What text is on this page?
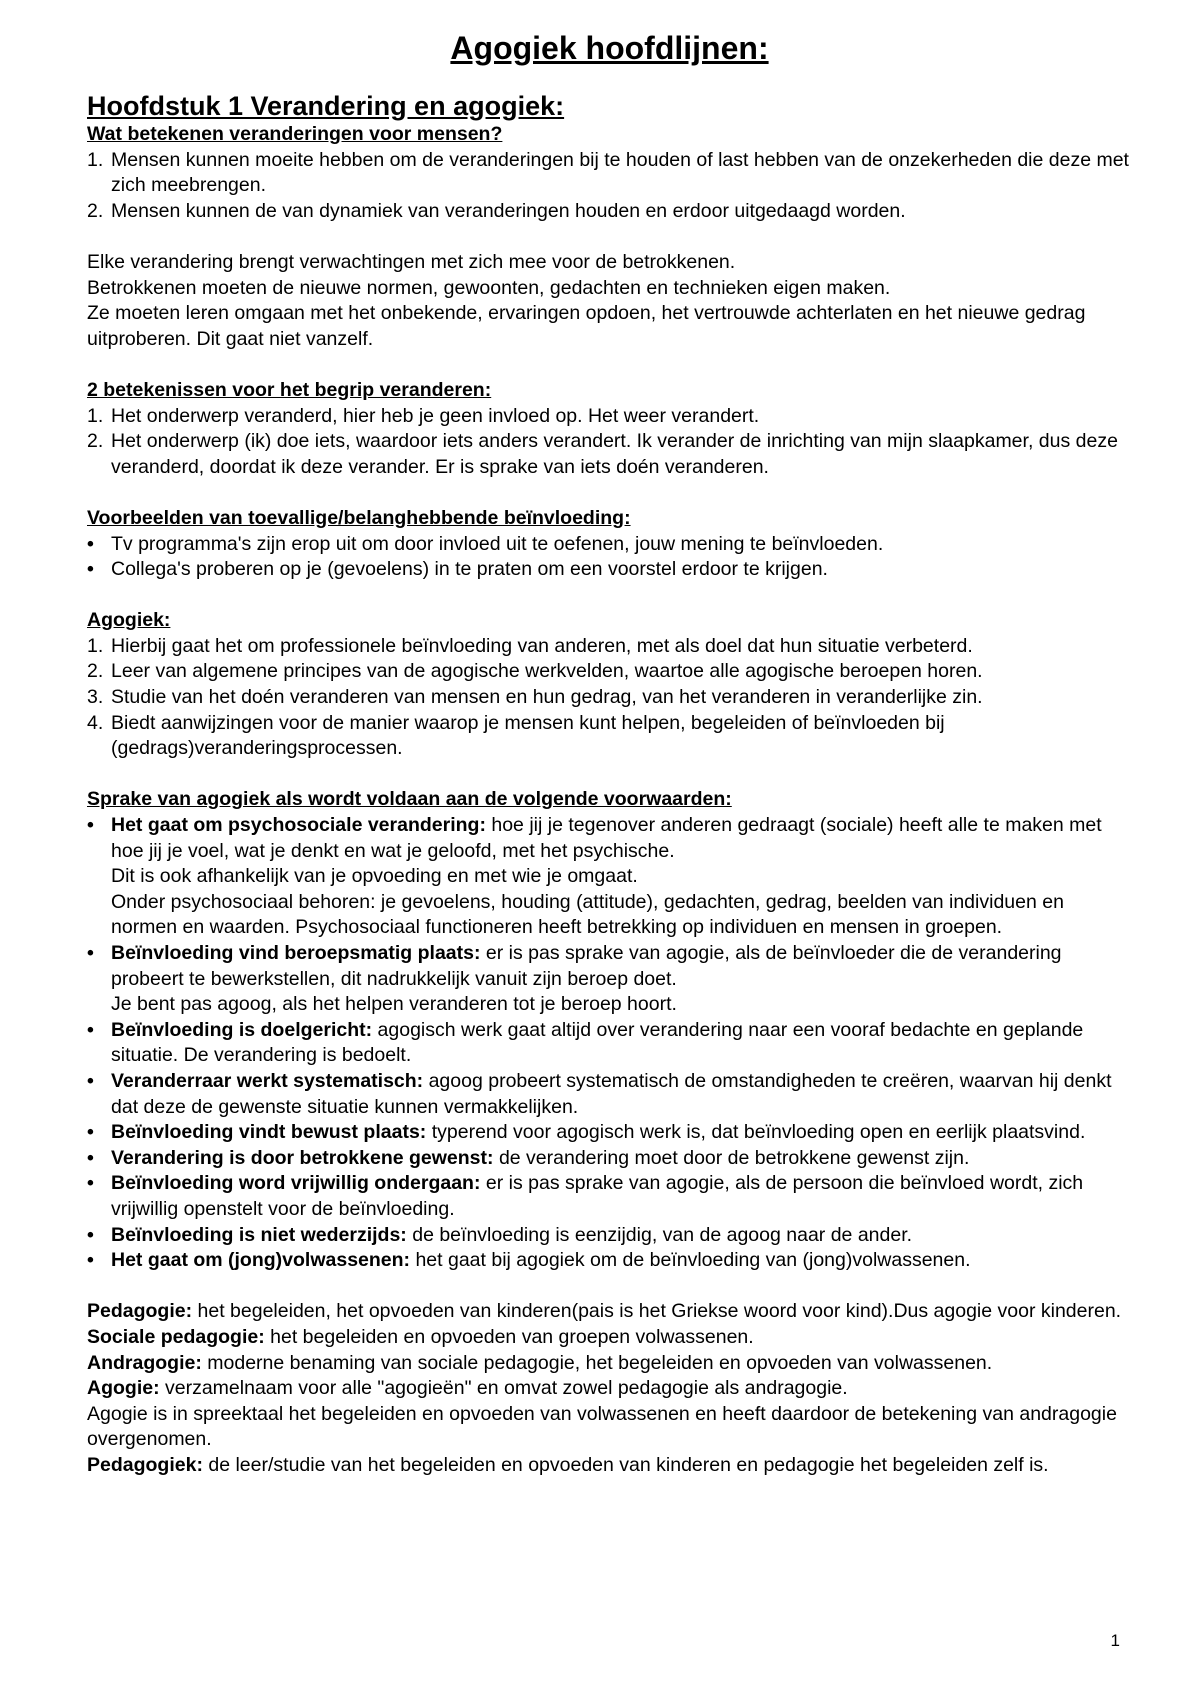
Agogiek hoofdlijnen:
Hoofdstuk 1 Verandering en agogiek:

Wat betekenen veranderingen voor mensen?

1. Mensen kunnen moeite hebben om de veranderingen bij te houden of last hebben van de onzekerheden die deze met zich meebrengen.
2. Mensen kunnen de van dynamiek van veranderingen houden en erdoor uitgedaagd worden.

Elke verandering brengt verwachtingen met zich mee voor de betrokkenen.

Betrokkenen moeten de nieuwe normen, gewoonten, gedachten en technieken eigen maken.

Ze moeten leren omgaan met het onbekende, ervaringen opdoen, het vertrouwde achterlaten en het nieuwe gedrag uitproberen. Dit gaat niet vanzelf.

2 betekenissen voor het begrip veranderen:

1. Het onderwerp veranderd, hier heb je geen invloed op. Het weer verandert.
2. Het onderwerp (ik) doe iets, waardoor iets anders verandert. Ik verander de inrichting van mijn slaapkamer, dus deze veranderd, doordat ik deze verander. Er is sprake van iets doén veranderen.

Voorbeelden van toevallige/belanghebbende beïnvloeding:

• Tv programma's zijn erop uit om door invloed uit te oefenen, jouw mening te beïnvloeden.
• Collega's proberen op je (gevoelens) in te praten om een voorstel erdoor te krijgen.

Agogiek:

1. Hierbij gaat het om professionele beïnvloeding van anderen, met als doel dat hun situatie verbeterd.
2. Leer van algemene principes van de agogische werkvelden, waartoe alle agogische beroepen horen.
3. Studie van het doén veranderen van mensen en hun gedrag, van het veranderen in veranderlijke zin.
4. Biedt aanwijzingen voor de manier waarop je mensen kunt helpen, begeleiden of beïnvloeden bij (gedrags)veranderingsprocessen.

Sprake van agogiek als wordt voldaan aan de volgende voorwaarden:

• Het gaat om psychosociale verandering: hoe jij je tegenover anderen gedraagt (sociale) heeft alle te maken met hoe jij je voel, wat je denkt en wat je geloofd, met het psychische.
Dit is ook afhankelijk van je opvoeding en met wie je omgaat.
Onder psychosociaal behoren: je gevoelens, houding (attitude), gedachten, gedrag, beelden van individuen en normen en waarden. Psychosociaal functioneren heeft betrekking op individuen en mensen in groepen.
• Beïnvloeding vind beroepsmatig plaats: er is pas sprake van agogie, als de beïnvloeder die de verandering probeert te bewerkstellen, dit nadrukkelijk vanuit zijn beroep doet.
Je bent pas agoog, als het helpen veranderen tot je beroep hoort.
• Beïnvloeding is doelgericht: agogisch werk gaat altijd over verandering naar een vooraf bedachte en geplande situatie. De verandering is bedoelt.
• Veranderraar werkt systematisch: agoog probeert systematisch de omstandigheden te creëren, waarvan hij denkt dat deze de gewenste situatie kunnen vermakkelijken.
• Beïnvloeding vindt bewust plaats: typerend voor agogisch werk is, dat beïnvloeding open en eerlijk plaatsvind.
• Verandering is door betrokkene gewenst: de verandering moet door de betrokkene gewenst zijn.
• Beïnvloeding word vrijwillig ondergaan: er is pas sprake van agogie, als de persoon die beïnvloed wordt, zich vrijwillig openstelt voor de beïnvloeding.
• Beïnvloeding is niet wederzijds: de beïnvloeding is eenzijdig, van de agoog naar de ander.
• Het gaat om (jong)volwassenen: het gaat bij agogiek om de beïnvloeding van (jong)volwassenen.

Pedagogie: het begeleiden, het opvoeden van kinderen(pais is het Griekse woord voor kind).Dus agogie voor kinderen.

Sociale pedagogie: het begeleiden en opvoeden van groepen volwassenen.

Andragogie: moderne benaming van sociale pedagogie, het begeleiden en opvoeden van volwassenen.

Agogie: verzamelnaam voor alle "agogieën" en omvat zowel pedagogie als andragogie.

Agogie is in spreektaal het begeleiden en opvoeden van volwassenen en heeft daardoor de betekening van andragogie overgenomen.

Pedagogiek: de leer/studie van het begeleiden en opvoeden van kinderen en pedagogie het begeleiden zelf is.

1
